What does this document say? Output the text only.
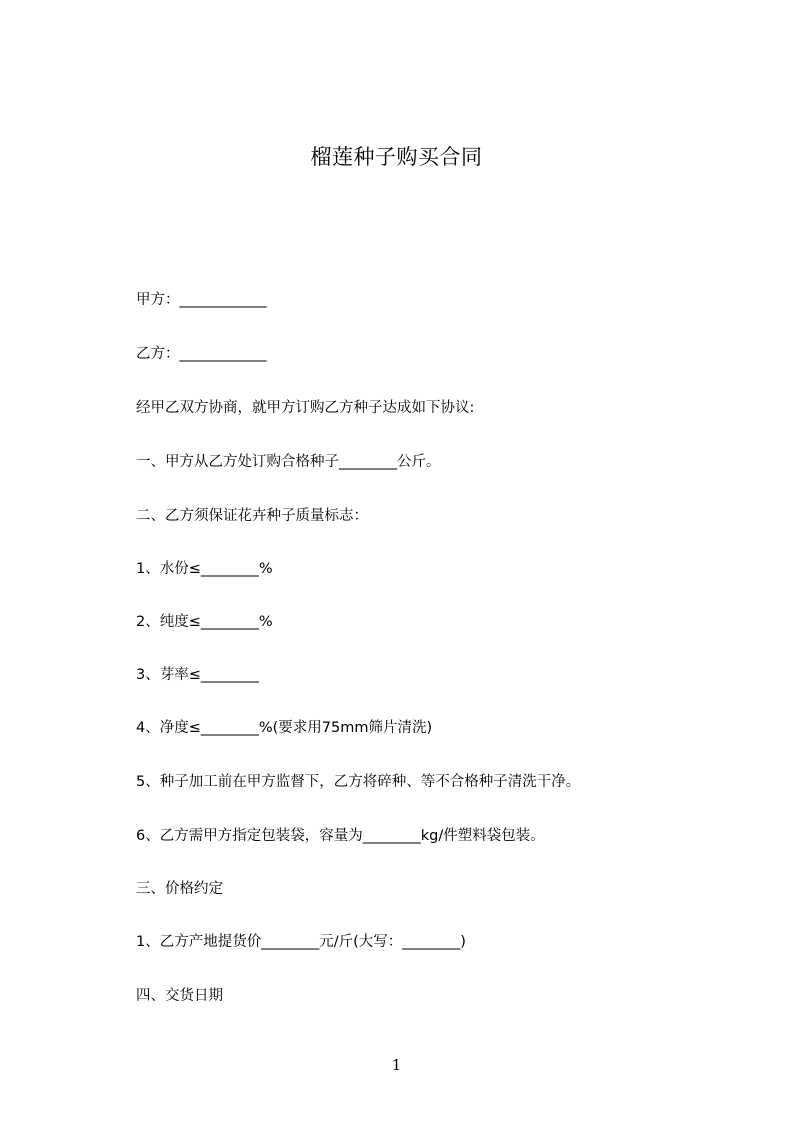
榴莲种子购买合同
甲方：____________
乙方：____________
经甲乙双方协商，就甲方订购乙方种子达成如下协议:
一、甲方从乙方处订购合格种子________公斤。
二、乙方须保证花卉种子质量标志：
1、水份≤________%
2、纯度≤________%
3、芽率≤________
4、净度≤________%(要求用75mm筛片清洗)
5、种子加工前在甲方监督下，乙方将碎种、等不合格种子清洗干净。
6、乙方需甲方指定包装袋，容量为________kg/件塑料袋包装。
三、价格约定
1、乙方产地提货价________元/斤(大写：________)
四、交货日期
1
